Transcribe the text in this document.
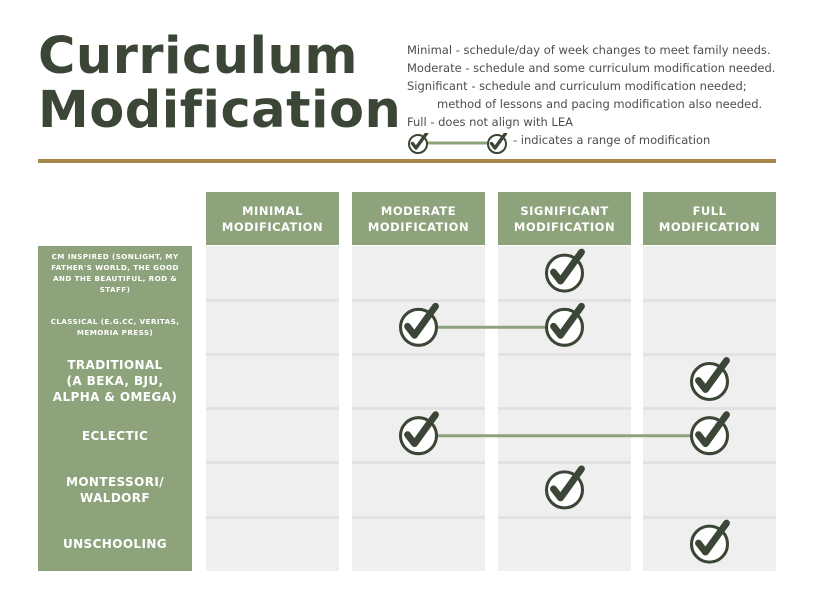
Curriculum
Modification
Minimal - schedule/day of week changes to meet family needs.
Moderate - schedule and some curriculum modification needed.
Significant - schedule and curriculum modification needed;
method of lessons and pacing modification also needed.
Full - does not align with LEA
- indicates a range of modification
MINIMAL
MODIFICATION
MODERATE
MODIFICATION
SIGNIFICANT
MODIFICATION
FULL
MODIFICATION
CM INSPIRED (SONLIGHT, MY FATHER'S WORLD, THE GOOD AND THE BEAUTIFUL, ROD & STAFF)
CLASSICAL (E.G.CC, VERITAS, MEMORIA PRESS)
TRADITIONAL
(A BEKA, BJU,
ALPHA & OMEGA)
ECLECTIC
MONTESSORI/
WALDORF
UNSCHOOLING
